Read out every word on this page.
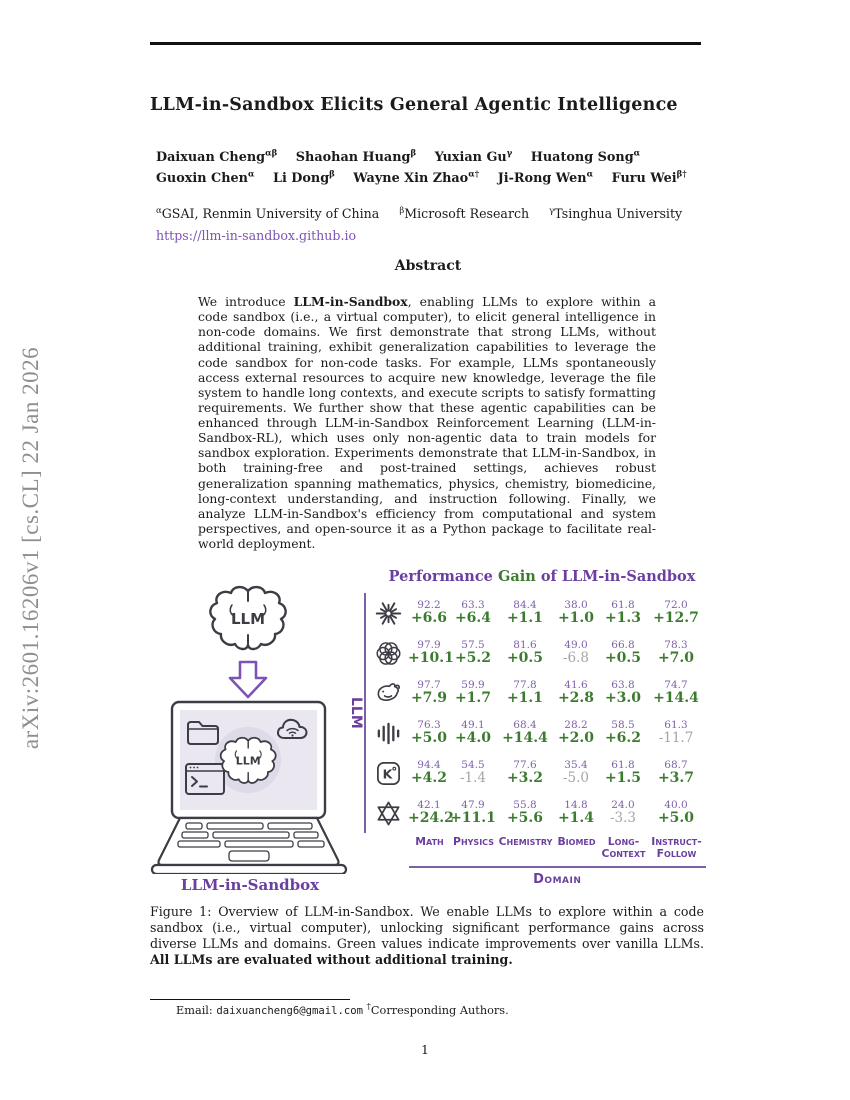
arXiv:2601.16206v1 [cs.CL] 22 Jan 2026
LLM-in-Sandbox Elicits General Agentic Intelligence
Daixuan Cheng$^{\alpha\beta}$ Shaohan Huang$^\beta$ Yuxian $Gu^\gamma$ Huatong Song$^\alpha$ Guoxin Chen$^\alpha$ Li Dong$^\beta$ Wayne Xin Zhao$^{\alpha\dagger}$ Ji-Rong Wen$^\alpha$ Furu Wei$^{\beta\dagger}$
$^\alpha$GSAI, Renmin University of China $^\beta$Microsoft Research $^\gamma$Tsinghua University
https://llm-in-sandbox.github.io
Abstract
We introduce LLM-in-Sandbox, enabling LLMs to explore within a code sandbox (i.e., a virtual computer), to elicit general intelligence in non-code domains. We first demonstrate that strong LLMs, without additional training, exhibit generalization capabilities to leverage the code sandbox for non-code tasks. For example, LLMs spontaneously access external resources to acquire new knowledge, leverage the file system to handle long contexts, and execute scripts to satisfy formatting requirements. We further show that these agentic capabilities can be enhanced through LLM-in-Sandbox Reinforcement Learning (LLM-in-Sandbox-RL), which uses only non-agentic data to train models for sandbox exploration. Experiments demonstrate that LLM-in-Sandbox, in both training-free and post-trained settings, achieves robust generalization spanning mathematics, physics, chemistry, biomedicine, long-context understanding, and instruction following. Finally, we analyze LLM-in-Sandbox's efficiency from computational and system perspectives, and open-source it as a Python package to facilitate real-world deployment.
LLM
LLM-in-Sandbox
Performance Gain of LLM-in-Sandbox
LLM
92.2
+6.6
63.3
+6.4
84.4
+1.1
38.0
+1.0
61.8
+1.3
72.0
+12.7
97.9
+10.1
57.5
+5.2
81.6
+0.5
49.0
-6.8
66.8
+0.5
78.3
+7.0
97.7
+7.9
59.9
+1.7
77.8
+1.1
41.6
+2.8
63.8
+3.0
74.7
+14.4
76.3
+5.0
49.1
+4.0
68.4
+14.4
28.2
+2.0
58.5
+6.2
61.3
-11.7
K
94.4
+4.2
54.5
-1.4
77.6
+3.2
35.4
-5.0
61.8
+1.5
68.7
+3.7
42.1
+24.2
47.9
+11.1
55.8
+5.6
14.8
+1.4
24.0
-3.3
40.0
+5.0
Math Physics Chemistry Biomed	Long-
Context
Instruct-
Follow
Domain
Figure 1: Overview of LLM-in-Sandbox. We enable LLMs to explore within a code sandbox (i.e., virtual computer), unlocking significant performance gains across diverse LLMs and domains. Green values indicate improvements over vanilla LLMs. All LLMs are evaluated without additional training.
Email: daixuancheng6@gmail.com †Corresponding Authors.
1
